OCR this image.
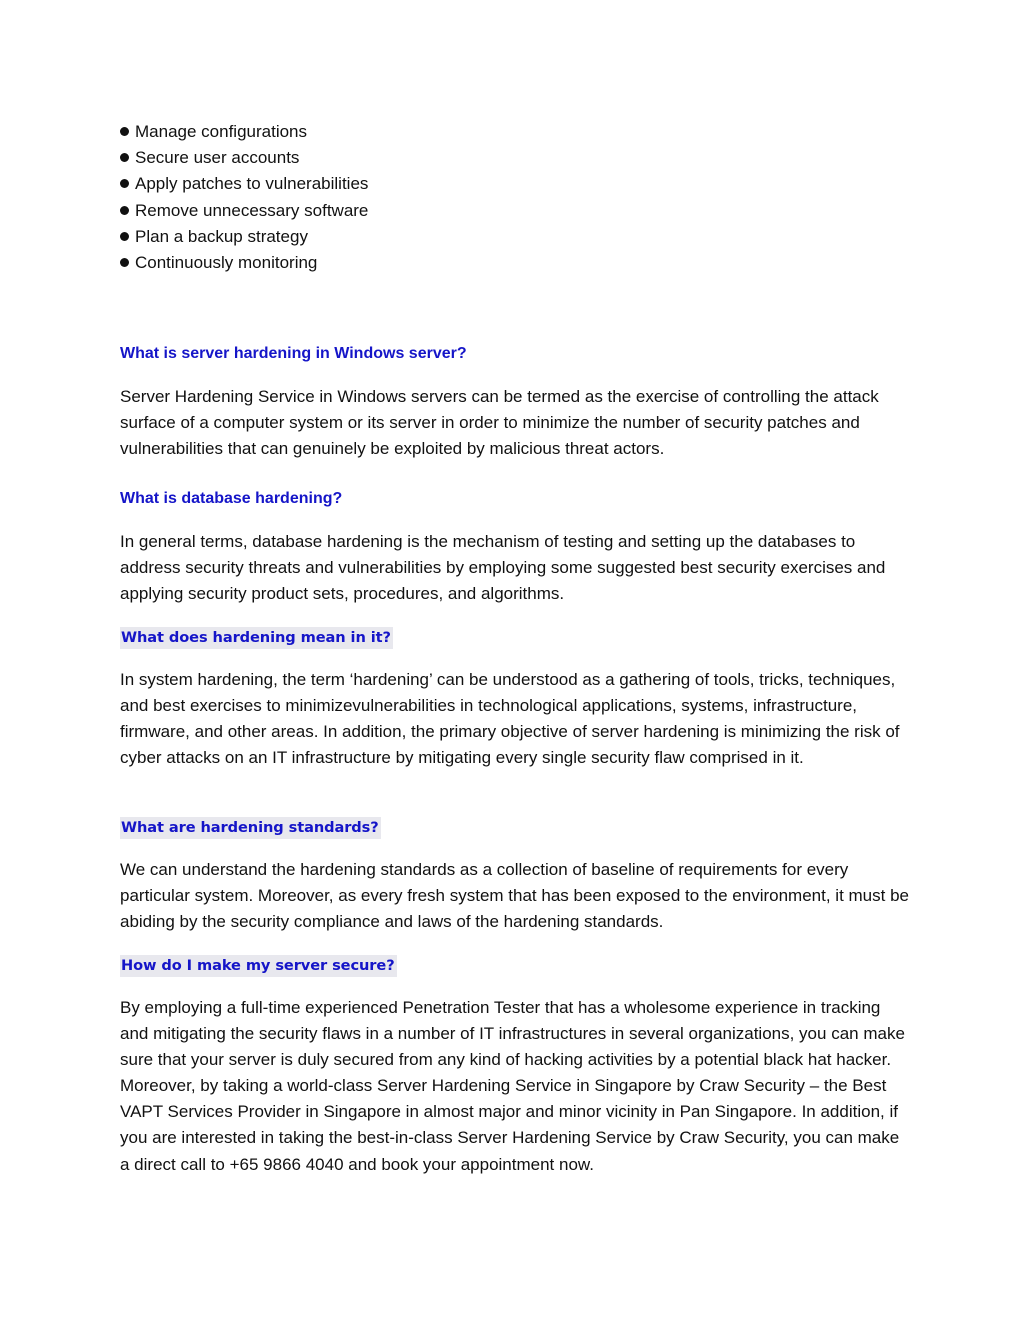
Manage configurations
Secure user accounts
Apply patches to vulnerabilities
Remove unnecessary software
Plan a backup strategy
Continuously monitoring
What is server hardening in Windows server?

Server Hardening Service in Windows servers can be termed as the exercise of controlling the attack surface of a computer system or its server in order to minimize the number of security patches and vulnerabilities that can genuinely be exploited by malicious threat actors.

What is database hardening?

In general terms, database hardening is the mechanism of testing and setting up the databases to address security threats and vulnerabilities by employing some suggested best security exercises and applying security product sets, procedures, and algorithms.

What does hardening mean in it?

In system hardening, the term ‘hardening’ can be understood as a gathering of tools, tricks, techniques, and best exercises to minimizevulnerabilities in technological applications, systems, infrastructure, firmware, and other areas. In addition, the primary objective of server hardening is minimizing the risk of cyber attacks on an IT infrastructure by mitigating every single security flaw comprised in it.

What are hardening standards?

We can understand the hardening standards as a collection of baseline of requirements for every particular system. Moreover, as every fresh system that has been exposed to the environment, it must be abiding by the security compliance and laws of the hardening standards.

How do I make my server secure?

By employing a full-time experienced Penetration Tester that has a wholesome experience in tracking and mitigating the security flaws in a number of IT infrastructures in several organizations, you can make sure that your server is duly secured from any kind of hacking activities by a potential black hat hacker.

Moreover, by taking a world-class Server Hardening Service in Singapore by Craw Security – the Best VAPT Services Provider in Singapore in almost major and minor vicinity in Pan Singapore. In addition, if you are interested in taking the best-in-class Server Hardening Service by Craw Security, you can make a direct call to +65 9866 4040 and book your appointment now.
